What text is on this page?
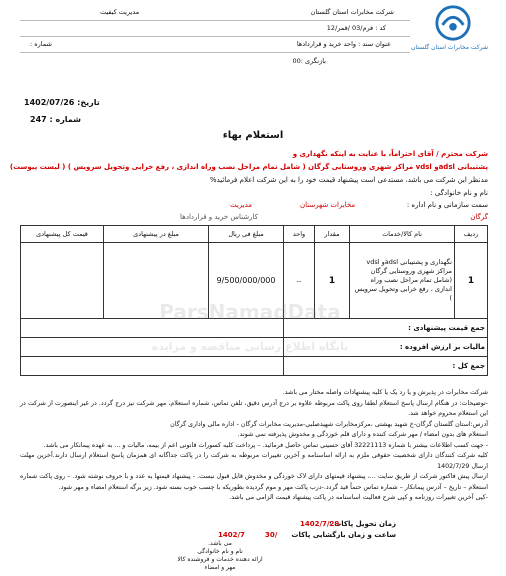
شرکت مخابرات استان گلستان
شرکت مخابرات استان گلستان
مدیریت کیفیت
کد : فرم/03 /قمر/12
عنوان سند : واحد خرید و قراردادها
شماره :
بازنگری :00
تاریخ: 1402/07/26
شماره : 247
استعلام بهاء
شرکت محترم / آقای احتراماً، با عنایت به اینکه نگهداری و
پشتیبانی adslو vdsl مراکز شهری وروستایی گرگان ( شامل تمام مراحل نصب وراه اندازی ، رفع خرابی وتحویل سرویس ) ( لیست پیوست)
مدنظر این شرکت می باشد، مستدعی است پیشنهاد قیمت خود را به این شرکت اعلام فرمائید%
نام و نام خانوادگی :
سمت سازمانی و نام اداره :
مدیریت	مخابرات شهرستان
گرگان
کارشناس خرید و قراردادها
ردیف	نام کالا/خدمات	مقدار	واحد	مبلغ فی ریال	مبلغ در پیشنهادی	قیمت کل پیشنهادی
1	نگهداری و پشتیبانی adslو vdsl مراکز شهری وروستایی گرگان (شامل تمام مراحل نصب وراه اندازی ، رفع خرابی وتحویل سرویس )	1	--	9/500/000/000		
جمع قیمت پیشنهادی :						
مالیات بر ارزش افزوده :						
جمع کل :						
ParsNamadData
پایگاه اطلاع رسانی مناقصه و مزایده
شرکت مخابرات در پذیرش و یا رد یک یا کلیه پیشنهادات واصله مختار می باشد.
-توضیحات: در هنگام ارسال پاسخ استعلام لطفا روی پاکت مربوطه علاوه بر درج آدرس دقیق، تلفن تماس، شماره استعلام، مهر شرکت نیز درج گردد. در غیر اینصورت از شرکت در این استعلام محروم خواهد شد.
آدرس:استان گلستان گرگان-خ شهید بهشتی ،مرکزمخابرات شهیدصلبی-مدیریت مخابرات گرگان - اداره مالی واداری گرگان
استعلام های بدون امضاء / مهر شرکت کننده و دارای قلم خوردگی و مخدوش پذیرفته نمی شوند.
- جهت کسب اطلاعات بیشتر با شماره 32221113 آقای حسینی تماس حاصل فرمائید. – پرداخت کلیه کسورات قانونی اعم از بیمه، مالیات و ... به عهده پیمانکار می باشد.
کلیه شرکت کنندگان دارای شخصیت حقوقی ملزم به ارائه اساسنامه و آخرین تغییرات مربوطه به شرکت را در پاکت جداگانه ای همزمان پاسخ استعلام ارسال دارند.آخرین مهلت ارسال 1402/7/29
ارسال پیش فاکتور شرکت از طریق سایت ...، پیشنهاد قیمتهای دارای لاک خوردگی و مخدوش قابل قبول نیست. - پیشنهاد قیمتها به عدد و با حروف نوشته شود. – روی پاکت شماره استعلام – تاریخ – آدرس پیمانکار – شماره تماس حتماً قید گردد.-درب پاکت مهر و موم گردیده بطوریکه با چسب خوب بسته شود. زیر برگه استعلام امضاء و مهر شود.
-کپی آخرین تغییرات روزنامه و کپی شرح فعالیت اساسنامه در پاکت پیشنهاد قیمت الزامی می باشد.
زمان تحویل پاکات :
1402/7/29
ساعت و زمان بازگشایی پاکات
30/
1402/7
می باشد.
نام و نام خانوادگی
ارائه دهنده خدمات و فروشنده کالا
مهر و امضاء
